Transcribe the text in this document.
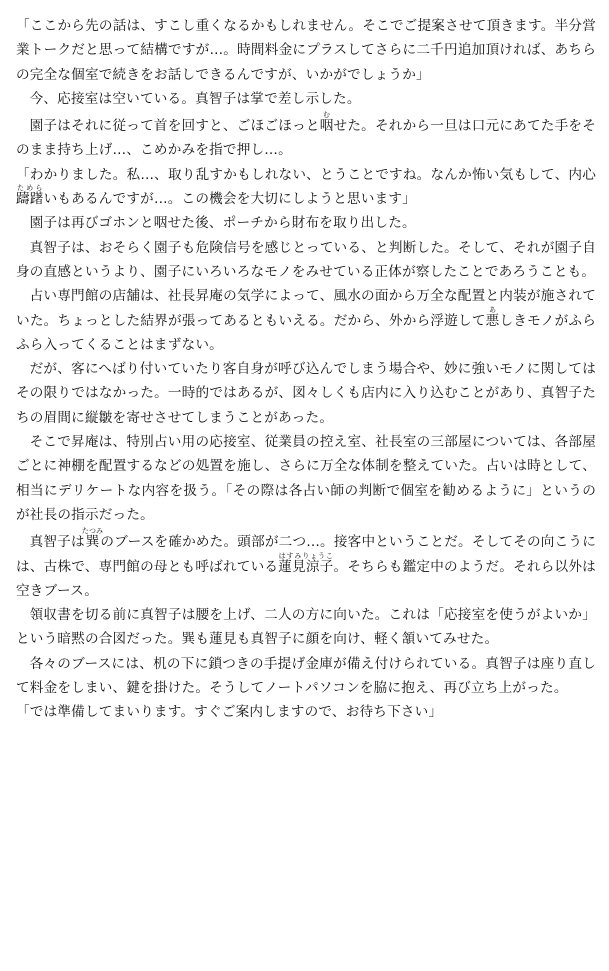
「ここから先の話は、すこし重くなるかもしれません。そこでご提案させて頂きます。半分営業トークだと思って結構ですが…。時間料金にプラスしてさらに二千円追加頂ければ、あちらの完全な個室で続きをお話しできるんですが、いかがでしょうか」

今、応接室は空いている。真智子は掌で差し示した。

園子はそれに従って首を回すと、ごほごほっと咽むせた。それから一旦は口元にあてた手をそのまま持ち上げ…、こめかみを指で押し…。

「わかりました。私…、取り乱すかもしれない、とうことですね。なんか怖い気もして、内心躊躇ためらいもあるんですが…。この機会を大切にしようと思います」

園子は再びゴホンと咽せた後、ポーチから財布を取り出した。

真智子は、おそらく園子も危険信号を感じとっている、と判断した。そして、それが園子自身の直感というより、園子にいろいろなモノをみせている正体が察したことであろうことも。

占い専門館の店舗は、社長昇庵の気学によって、風水の面から万全な配置と内装が施されていた。ちょっとした結界が張ってあるともいえる。だから、外から浮遊して悪あしきモノがふらふら入ってくることはまずない。

だが、客にへばり付いていたり客自身が呼び込んでしまう場合や、妙に強いモノに関してはその限りではなかった。一時的ではあるが、図々しくも店内に入り込むことがあり、真智子たちの眉間に縦皺を寄せさせてしまうことがあった。

そこで昇庵は、特別占い用の応接室、従業員の控え室、社長室の三部屋については、各部屋ごとに神棚を配置するなどの処置を施し、さらに万全な体制を整えていた。占いは時として、相当にデリケートな内容を扱う。「その際は各占い師の判断で個室を勧めるように」というのが社長の指示だった。

真智子は巽たつみのブースを確かめた。頭部が二つ…。接客中ということだ。そしてその向こうには、古株で、専門館の母とも呼ばれている蓮見涼子はすみりょうこ。そちらも鑑定中のようだ。それら以外は空きブース。

領収書を切る前に真智子は腰を上げ、二人の方に向いた。これは「応接室を使うがよいか」という暗黙の合図だった。巽も蓮見も真智子に顔を向け、軽く頷いてみせた。

各々のブースには、机の下に鎖つきの手提げ金庫が備え付けられている。真智子は座り直して料金をしまい、鍵を掛けた。そうしてノートパソコンを脇に抱え、再び立ち上がった。

「では準備してまいります。すぐご案内しますので、お待ち下さい」
